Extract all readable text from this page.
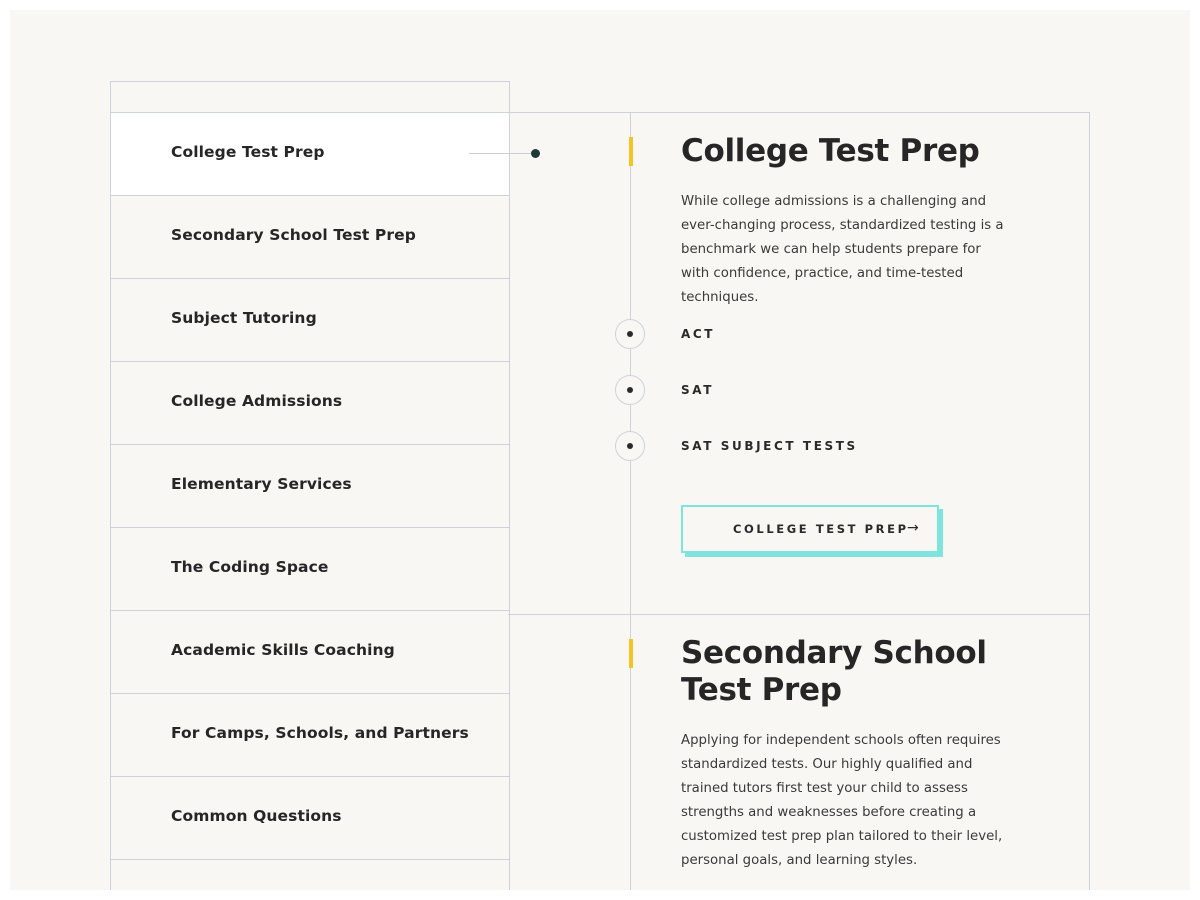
College Test Prep
Secondary School Test Prep
Subject Tutoring
College Admissions
Elementary Services
The Coding Space
Academic Skills Coaching
For Camps, Schools, and Partners
Common Questions
College Test Prep

While college admissions is a challenging and ever-changing process, standardized testing is a benchmark we can help students prepare for with confidence, practice, and time-tested techniques.

ACT
SAT
SAT SUBJECT TESTS
COLLEGE TEST PREP
→
Secondary School Test Prep

Applying for independent schools often requires standardized tests. Our highly qualified and trained tutors first test your child to assess strengths and weaknesses before creating a customized test prep plan tailored to their level, personal goals, and learning styles.
